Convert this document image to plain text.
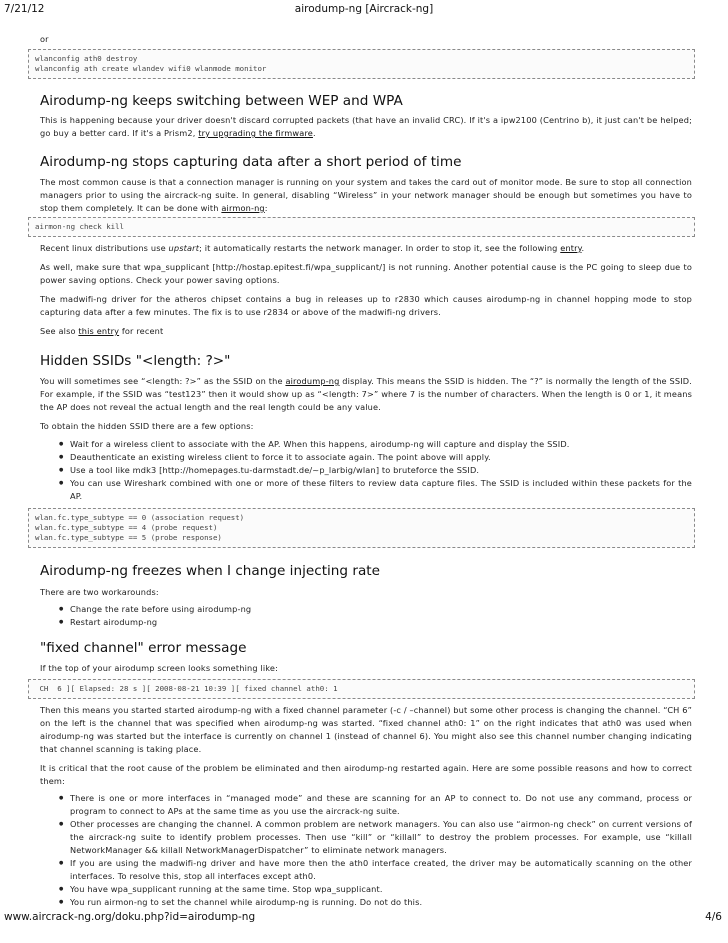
7/21/12	airodump-ng [Aircrack-ng]

or

wlanconfig ath0 destroy
wlanconfig ath create wlandev wifi0 wlanmode monitor
Airodump-ng keeps switching between WEP and WPA

This is happening because your driver doesn't discard corrupted packets (that have an invalid CRC). If it's a ipw2100 (Centrino b), it just can't be helped; go buy a better card. If it's a Prism2, try upgrading the firmware.

Airodump-ng stops capturing data after a short period of time

The most common cause is that a connection manager is running on your system and takes the card out of monitor mode. Be sure to stop all connection managers prior to using the aircrack-ng suite. In general, disabling “Wireless” in your network manager should be enough but sometimes you have to stop them completely. It can be done with airmon-ng:

airmon-ng check kill

Recent linux distributions use upstart; it automatically restarts the network manager. In order to stop it, see the following entry.

As well, make sure that wpa_supplicant [http://hostap.epitest.fi/wpa_supplicant/] is not running. Another potential cause is the PC going to sleep due to power saving options. Check your power saving options.

The madwifi-ng driver for the atheros chipset contains a bug in releases up to r2830 which causes airodump-ng in channel hopping mode to stop capturing data after a few minutes. The fix is to use r2834 or above of the madwifi-ng drivers.

See also this entry for recent

Hidden SSIDs "<length: ?>"

You will sometimes see “<length: ?>” as the SSID on the airodump-ng display. This means the SSID is hidden. The “?” is normally the length of the SSID. For example, if the SSID was “test123” then it would show up as “<length: 7>” where 7 is the number of characters. When the length is 0 or 1, it means the AP does not reveal the actual length and the real length could be any value.

To obtain the hidden SSID there are a few options:

● Wait for a wireless client to associate with the AP. When this happens, airodump-ng will capture and display the SSID.
● Deauthenticate an existing wireless client to force it to associate again. The point above will apply.
● Use a tool like mdk3 [http://homepages.tu-darmstadt.de/~p_larbig/wlan] to bruteforce the SSID.
● You can use Wireshark combined with one or more of these filters to review data capture files. The SSID is included within these packets for the AP.
wlan.fc.type_subtype == 0 (association request)
wlan.fc.type_subtype == 4 (probe request)
wlan.fc.type_subtype == 5 (probe response)
Airodump-ng freezes when I change injecting rate

There are two workarounds:

● Change the rate before using airodump-ng
● Restart airodump-ng
"fixed channel" error message

If the top of your airodump screen looks something like:

CH  6 ][ Elapsed: 28 s ][ 2008-08-21 10:39 ][ fixed channel ath0: 1

Then this means you started started airodump-ng with a fixed channel parameter (-c / –channel) but some other process is changing the channel. “CH 6” on the left is the channel that was specified when airodump-ng was started. “fixed channel ath0: 1” on the right indicates that ath0 was used when airodump-ng was started but the interface is currently on channel 1 (instead of channel 6). You might also see this channel number changing indicating that channel scanning is taking place.

It is critical that the root cause of the problem be eliminated and then airodump-ng restarted again. Here are some possible reasons and how to correct them:

● There is one or more interfaces in “managed mode” and these are scanning for an AP to connect to. Do not use any command, process or program to connect to APs at the same time as you use the aircrack-ng suite.
● Other processes are changing the channel. A common problem are network managers. You can also use “airmon-ng check” on current versions of the aircrack-ng suite to identify problem processes. Then use “kill” or “killall” to destroy the problem processes. For example, use “killall NetworkManager && killall NetworkManagerDispatcher” to eliminate network managers.
● If you are using the madwifi-ng driver and have more then the ath0 interface created, the driver may be automatically scanning on the other interfaces. To resolve this, stop all interfaces except ath0.
● You have wpa_supplicant running at the same time. Stop wpa_supplicant.
● You run airmon-ng to set the channel while airodump-ng is running. Do not do this.
www.aircrack-ng.org/doku.php?id=airodump-ng	4/6
